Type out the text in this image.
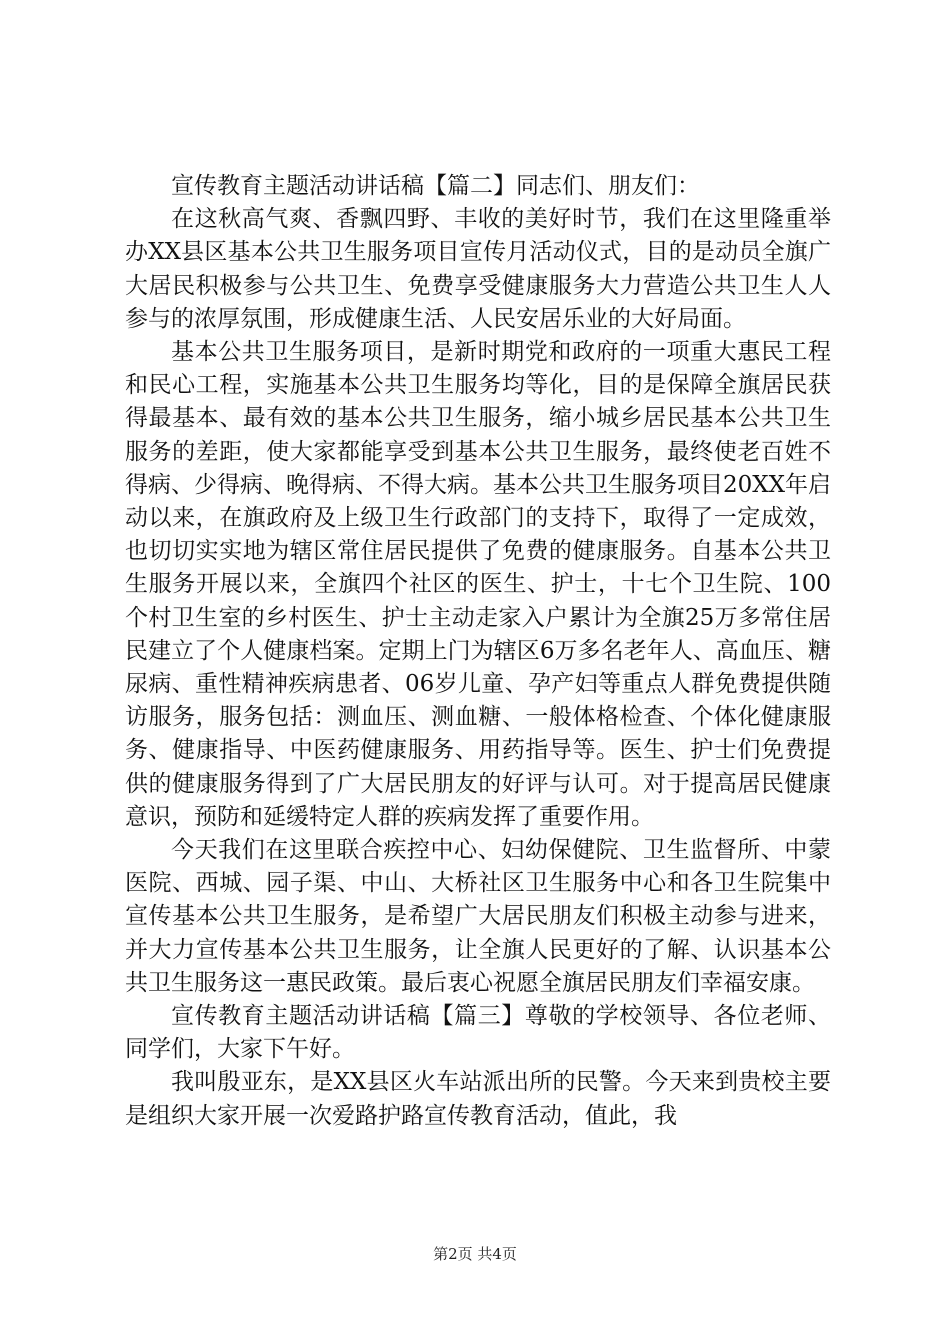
宣传教育主题活动讲话稿【篇二】同志们、朋友们：

在这秋高气爽、香飘四野、丰收的美好时节，我们在这里隆重举办XX县区基本公共卫生服务项目宣传月活动仪式，目的是动员全旗广大居民积极参与公共卫生、免费享受健康服务大力营造公共卫生人人参与的浓厚氛围，形成健康生活、人民安居乐业的大好局面。

基本公共卫生服务项目，是新时期党和政府的一项重大惠民工程和民心工程，实施基本公共卫生服务均等化，目的是保障全旗居民获得最基本、最有效的基本公共卫生服务，缩小城乡居民基本公共卫生服务的差距，使大家都能享受到基本公共卫生服务，最终使老百姓不得病、少得病、晚得病、不得大病。基本公共卫生服务项目20XX年启动以来，在旗政府及上级卫生行政部门的支持下，取得了一定成效，也切切实实地为辖区常住居民提供了免费的健康服务。自基本公共卫生服务开展以来，全旗四个社区的医生、护士，十七个卫生院、100个村卫生室的乡村医生、护士主动走家入户累计为全旗25万多常住居民建立了个人健康档案。定期上门为辖区6万多名老年人、高血压、糖尿病、重性精神疾病患者、06岁儿童、孕产妇等重点人群免费提供随访服务，服务包括：测血压、测血糖、一般体格检查、个体化健康服务、健康指导、中医药健康服务、用药指导等。医生、护士们免费提供的健康服务得到了广大居民朋友的好评与认可。对于提高居民健康意识，预防和延缓特定人群的疾病发挥了重要作用。

今天我们在这里联合疾控中心、妇幼保健院、卫生监督所、中蒙医院、西城、园子渠、中山、大桥社区卫生服务中心和各卫生院集中宣传基本公共卫生服务，是希望广大居民朋友们积极主动参与进来，并大力宣传基本公共卫生服务，让全旗人民更好的了解、认识基本公共卫生服务这一惠民政策。最后衷心祝愿全旗居民朋友们幸福安康。

宣传教育主题活动讲话稿【篇三】尊敬的学校领导、各位老师、同学们，大家下午好。

我叫殷亚东，是XX县区火车站派出所的民警。今天来到贵校主要是组织大家开展一次爱路护路宣传教育活动，值此，我

第2页 共4页
